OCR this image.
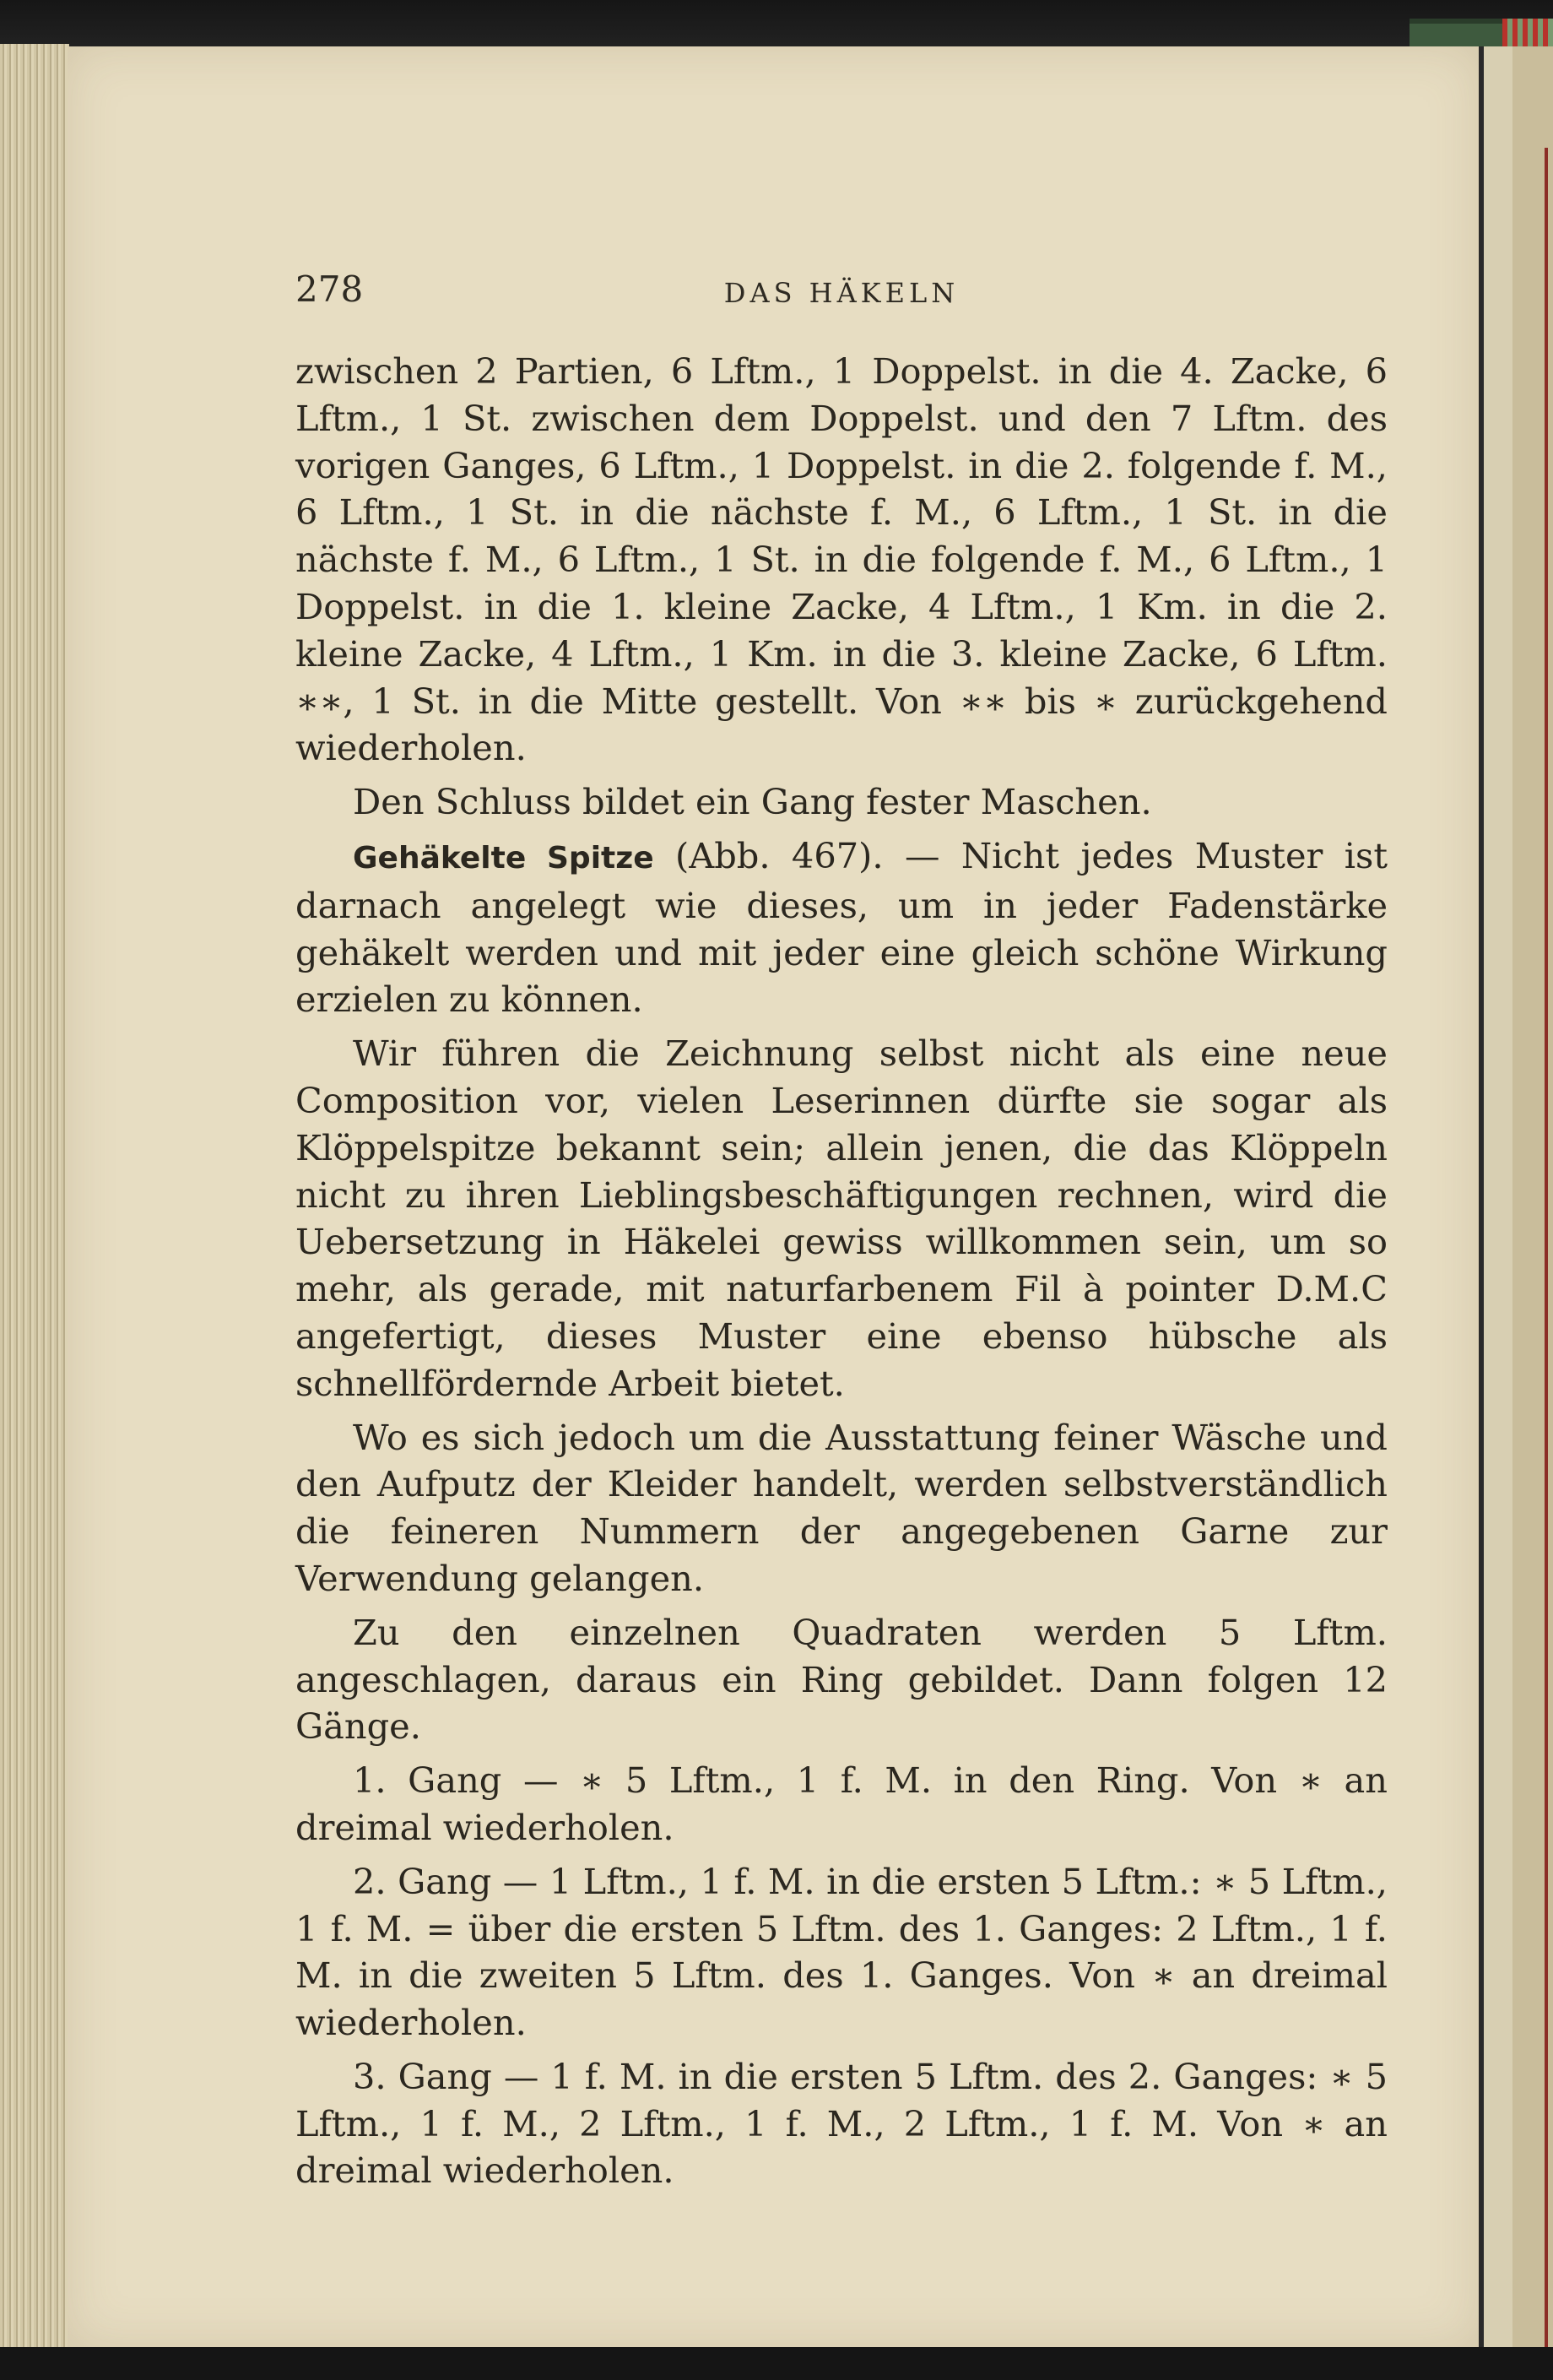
278	DAS HÄKELN

zwischen 2 Partien, 6 Lftm., 1 Doppelst. in die 4. Zacke, 6 Lftm., 1 St. zwischen dem Doppelst. und den 7 Lftm. des vorigen Ganges, 6 Lftm., 1 Doppelst. in die 2. folgende f. M., 6 Lftm., 1 St. in die nächste f. M., 6 Lftm., 1 St. in die nächste f. M., 6 Lftm., 1 St. in die folgende f. M., 6 Lftm., 1 Doppelst. in die 1. kleine Zacke, 4 Lftm., 1 Km. in die 2. kleine Zacke, 4 Lftm., 1 Km. in die 3. kleine Zacke, 6 Lftm. ∗∗, 1 St. in die Mitte gestellt. Von ∗∗ bis ∗ zurückgehend wiederholen.

Den Schluss bildet ein Gang fester Maschen.

Gehäkelte Spitze (Abb. 467). — Nicht jedes Muster ist darnach angelegt wie dieses, um in jeder Fadenstärke gehäkelt werden und mit jeder eine gleich schöne Wirkung erzielen zu können.

Wir führen die Zeichnung selbst nicht als eine neue Composition vor, vielen Leserinnen dürfte sie sogar als Klöppelspitze bekannt sein; allein jenen, die das Klöppeln nicht zu ihren Lieblingsbeschäftigungen rechnen, wird die Uebersetzung in Häkelei gewiss willkommen sein, um so mehr, als gerade, mit naturfarbenem Fil à pointer D.M.C angefertigt, dieses Muster eine ebenso hübsche als schnellfördernde Arbeit bietet.

Wo es sich jedoch um die Ausstattung feiner Wäsche und den Aufputz der Kleider handelt, werden selbstverständlich die feineren Nummern der angegebenen Garne zur Verwendung gelangen.

Zu den einzelnen Quadraten werden 5 Lftm. angeschlagen, daraus ein Ring gebildet. Dann folgen 12 Gänge.

1. Gang — ∗ 5 Lftm., 1 f. M. in den Ring. Von ∗ an dreimal wiederholen.

2. Gang — 1 Lftm., 1 f. M. in die ersten 5 Lftm.: ∗ 5 Lftm., 1 f. M. = über die ersten 5 Lftm. des 1. Ganges: 2 Lftm., 1 f. M. in die zweiten 5 Lftm. des 1. Ganges. Von ∗ an dreimal wiederholen.

3. Gang — 1 f. M. in die ersten 5 Lftm. des 2. Ganges: ∗ 5 Lftm., 1 f. M., 2 Lftm., 1 f. M., 2 Lftm., 1 f. M. Von ∗ an dreimal wiederholen.
